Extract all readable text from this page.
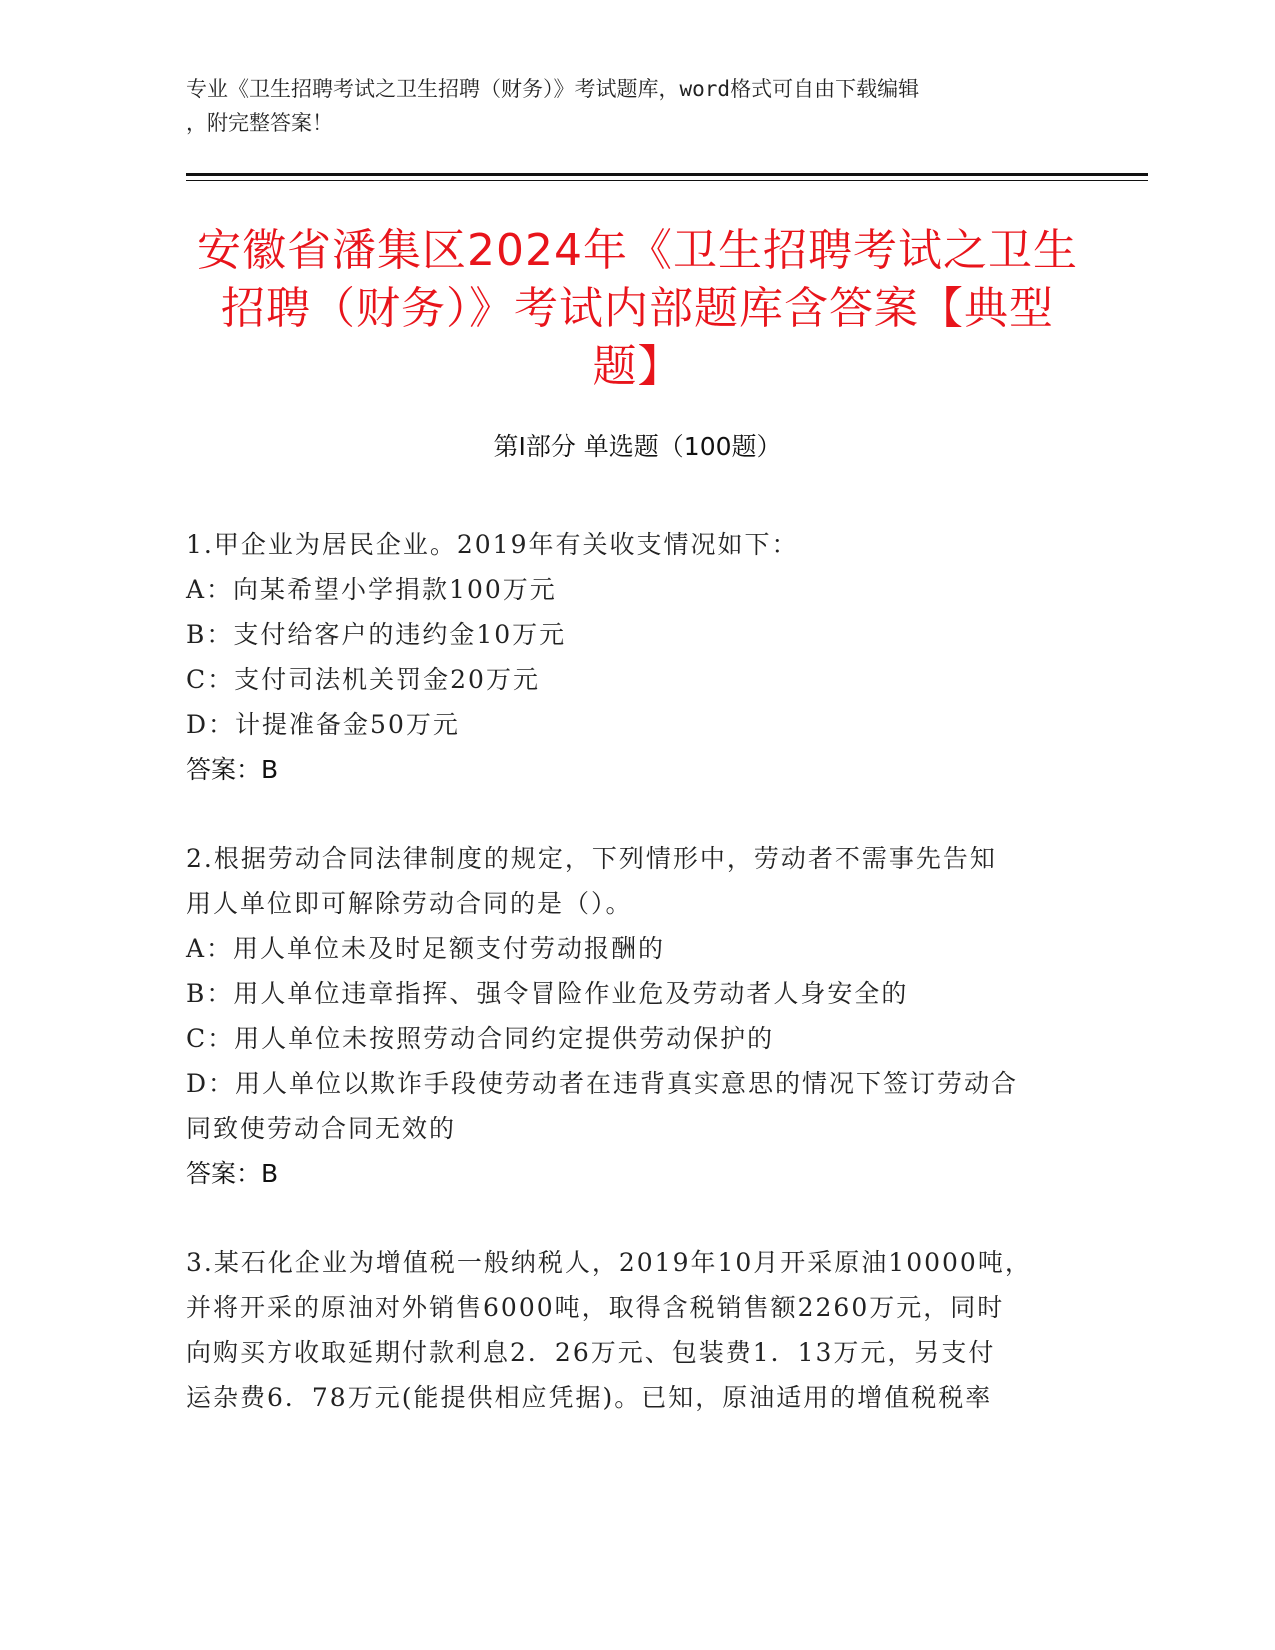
专业《卫生招聘考试之卫生招聘（财务）》考试题库，word格式可自由下载编辑
，附完整答案！
安徽省潘集区2024年《卫生招聘考试之卫生
招聘（财务）》考试内部题库含答案【典型
题】
第I部分 单选题（100题）
1.甲企业为居民企业。2019年有关收支情况如下：
A：向某希望小学捐款100万元
B：支付给客户的违约金10万元
C：支付司法机关罚金20万元
D：计提准备金50万元
答案：B
2.根据劳动合同法律制度的规定，下列情形中，劳动者不需事先告知
用人单位即可解除劳动合同的是（）。
A：用人单位未及时足额支付劳动报酬的
B：用人单位违章指挥、强令冒险作业危及劳动者人身安全的
C：用人单位未按照劳动合同约定提供劳动保护的
D：用人单位以欺诈手段使劳动者在违背真实意思的情况下签订劳动合
同致使劳动合同无效的
答案：B
3.某石化企业为增值税一般纳税人，2019年10月开采原油10000吨，
并将开采的原油对外销售6000吨，取得含税销售额2260万元，同时
向购买方收取延期付款利息2．26万元、包装费1．13万元，另支付
运杂费6．78万元(能提供相应凭据)。已知，原油适用的增值税税率
